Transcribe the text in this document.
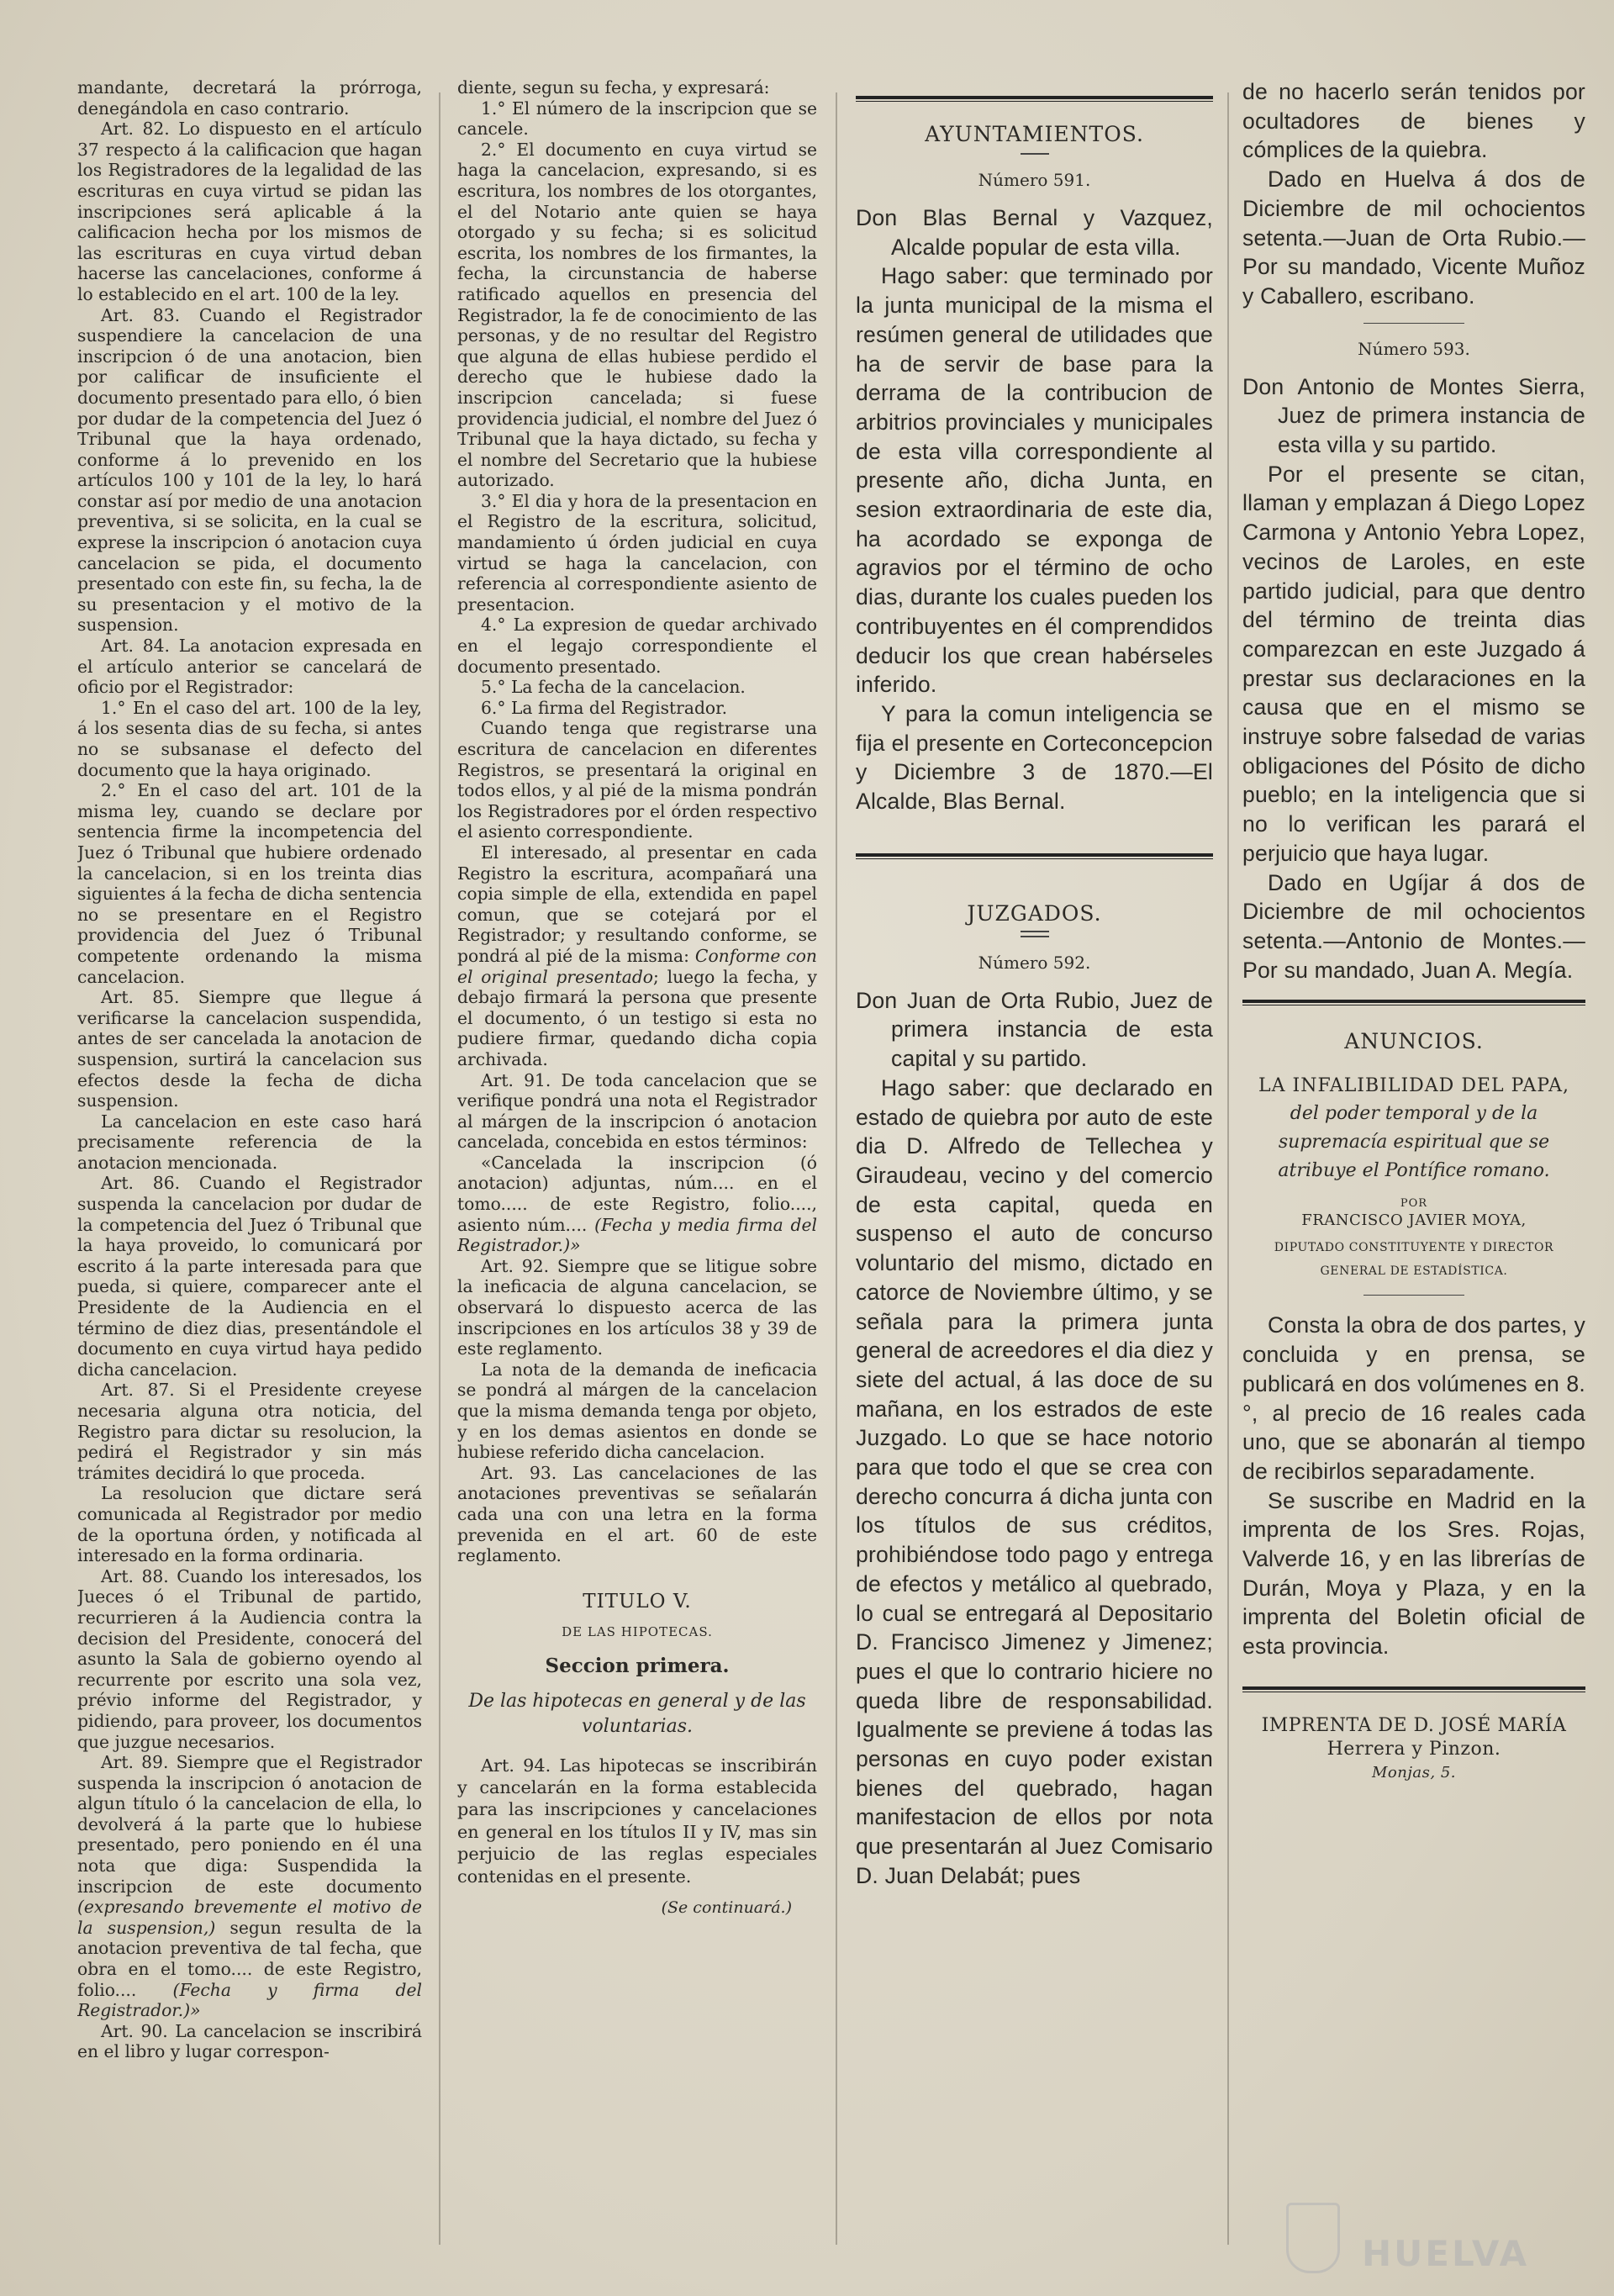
mandante, decretará la prórroga, denegándola en caso contrario.

Art. 82. Lo dispuesto en el artículo 37 respecto á la calificacion que hagan los Registradores de la legalidad de las escrituras en cuya virtud se pidan las inscripciones será aplicable á la calificacion hecha por los mismos de las escrituras en cuya virtud deban hacerse las cancelaciones, conforme á lo establecido en el art. 100 de la ley.

Art. 83. Cuando el Registrador suspendiere la cancelacion de una inscripcion ó de una anotacion, bien por calificar de insuficiente el documento presentado para ello, ó bien por dudar de la competencia del Juez ó Tribunal que la haya ordenado, conforme á lo prevenido en los artículos 100 y 101 de la ley, lo hará constar así por medio de una anotacion preventiva, si se solicita, en la cual se exprese la inscripcion ó anotacion cuya cancelacion se pida, el documento presentado con este fin, su fecha, la de su presentacion y el motivo de la suspension.

Art. 84. La anotacion expresada en el artículo anterior se cancelará de oficio por el Registrador:

1.° En el caso del art. 100 de la ley, á los sesenta dias de su fecha, si antes no se subsanase el defecto del documento que la haya originado.

2.° En el caso del art. 101 de la misma ley, cuando se declare por sentencia firme la incompetencia del Juez ó Tribunal que hubiere ordenado la cancelacion, si en los treinta dias siguientes á la fecha de dicha sentencia no se presentare en el Registro providencia del Juez ó Tribunal competente ordenando la misma cancelacion.

Art. 85. Siempre que llegue á verificarse la cancelacion suspendida, antes de ser cancelada la anotacion de suspension, surtirá la cancelacion sus efectos desde la fecha de dicha suspension.

La cancelacion en este caso hará precisamente referencia de la anotacion mencionada.

Art. 86. Cuando el Registrador suspenda la cancelacion por dudar de la competencia del Juez ó Tribunal que la haya proveido, lo comunicará por escrito á la parte interesada para que pueda, si quiere, comparecer ante el Presidente de la Audiencia en el término de diez dias, presentándole el documento en cuya virtud haya pedido dicha cancelacion.

Art. 87. Si el Presidente creyese necesaria alguna otra noticia, del Registro para dictar su resolucion, la pedirá el Registrador y sin más trámites decidirá lo que proceda.

La resolucion que dictare será comunicada al Registrador por medio de la oportuna órden, y notificada al interesado en la forma ordinaria.

Art. 88. Cuando los interesados, los Jueces ó el Tribunal de partido, recurrieren á la Audiencia contra la decision del Presidente, conocerá del asunto la Sala de gobierno oyendo al recurrente por escrito una sola vez, prévio informe del Registrador, y pidiendo, para proveer, los documentos que juzgue necesarios.

Art. 89. Siempre que el Registrador suspenda la inscripcion ó anotacion de algun título ó la cancelacion de ella, lo devolverá á la parte que lo hubiese presentado, pero poniendo en él una nota que diga: Suspendida la inscripcion de este documento (expresando brevemente el motivo de la suspension,) segun resulta de la anotacion preventiva de tal fecha, que obra en el tomo.... de este Registro, folio.... (Fecha y firma del Registrador.)»

Art. 90. La cancelacion se inscribirá en el libro y lugar correspon-

diente, segun su fecha, y expresará:

1.° El número de la inscripcion que se cancele.

2.° El documento en cuya virtud se haga la cancelacion, expresando, si es escritura, los nombres de los otorgantes, el del Notario ante quien se haya otorgado y su fecha; si es solicitud escrita, los nombres de los firmantes, la fecha, la circunstancia de haberse ratificado aquellos en presencia del Registrador, la fe de conocimiento de las personas, y de no resultar del Registro que alguna de ellas hubiese perdido el derecho que le hubiese dado la inscripcion cancelada; si fuese providencia judicial, el nombre del Juez ó Tribunal que la haya dictado, su fecha y el nombre del Secretario que la hubiese autorizado.

3.° El dia y hora de la presentacion en el Registro de la escritura, solicitud, mandamiento ú órden judicial en cuya virtud se haga la cancelacion, con referencia al correspondiente asiento de presentacion.

4.° La expresion de quedar archivado en el legajo correspondiente el documento presentado.

5.° La fecha de la cancelacion.

6.° La firma del Registrador.

Cuando tenga que registrarse una escritura de cancelacion en diferentes Registros, se presentará la original en todos ellos, y al pié de la misma pondrán los Registradores por el órden respectivo el asiento correspondiente.

El interesado, al presentar en cada Registro la escritura, acompañará una copia simple de ella, extendida en papel comun, que se cotejará por el Registrador; y resultando conforme, se pondrá al pié de la misma: Conforme con el original presentado; luego la fecha, y debajo firmará la persona que presente el documento, ó un testigo si esta no pudiere firmar, quedando dicha copia archivada.

Art. 91. De toda cancelacion que se verifique pondrá una nota el Registrador al márgen de la inscripcion ó anotacion cancelada, concebida en estos términos:

«Cancelada la inscripcion (ó anotacion) adjuntas, núm.... en el tomo..... de este Registro, folio...., asiento núm.... (Fecha y media firma del Registrador.)»

Art. 92. Siempre que se litigue sobre la ineficacia de alguna cancelacion, se observará lo dispuesto acerca de las inscripciones en los artículos 38 y 39 de este reglamento.

La nota de la demanda de ineficacia se pondrá al márgen de la cancelacion que la misma demanda tenga por objeto, y en los demas asientos en donde se hubiese referido dicha cancelacion.

Art. 93. Las cancelaciones de las anotaciones preventivas se señalarán cada una con una letra en la forma prevenida en el art. 60 de este reglamento.

TITULO V.
DE LAS HIPOTECAS.
Seccion primera.
De las hipotecas en general y de las voluntarias.

Art. 94. Las hipotecas se inscribirán y cancelarán en la forma establecida para las inscripciones y cancelaciones en general en los títulos II y IV, mas sin perjuicio de las reglas especiales contenidas en el presente.

(Se continuará.)
AYUNTAMIENTOS.
Número 591.

Don Blas Bernal y Vazquez, Alcalde popular de esta villa.

Hago saber: que terminado por la junta municipal de la misma el resúmen general de utilidades que ha de servir de base para la derrama de la contribucion de arbitrios provinciales y municipales de esta villa correspondiente al presente año, dicha Junta, en sesion extraordinaria de este dia, ha acordado se exponga de agravios por el término de ocho dias, durante los cuales pueden los contribuyentes en él comprendidos deducir los que crean habérseles inferido.

Y para la comun inteligencia se fija el presente en Corteconcepcion y Diciembre 3 de 1870.—El Alcalde, Blas Bernal.

JUZGADOS.
Número 592.

Don Juan de Orta Rubio, Juez de primera instancia de esta capital y su partido.

Hago saber: que declarado en estado de quiebra por auto de este dia D. Alfredo de Tellechea y Giraudeau, vecino y del comercio de esta capital, queda en suspenso el auto de concurso voluntario del mismo, dictado en catorce de Noviembre último, y se señala para la primera junta general de acreedores el dia diez y siete del actual, á las doce de su mañana, en los estrados de este Juzgado. Lo que se hace notorio para que todo el que se crea con derecho concurra á dicha junta con los títulos de sus créditos, prohibiéndose todo pago y entrega de efectos y metálico al quebrado, lo cual se entregará al Depositario D. Francisco Jimenez y Jimenez; pues el que lo contrario hiciere no queda libre de responsabilidad. Igualmente se previene á todas las personas en cuyo poder existan bienes del quebrado, hagan manifestacion de ellos por nota que presentarán al Juez Comisario D. Juan Delabát; pues

de no hacerlo serán tenidos por ocultadores de bienes y cómplices de la quiebra.

Dado en Huelva á dos de Diciembre de mil ochocientos setenta.—Juan de Orta Rubio.—Por su mandado, Vicente Muñoz y Caballero, escribano.

Número 593.

Don Antonio de Montes Sierra, Juez de primera instancia de esta villa y su partido.

Por el presente se citan, llaman y emplazan á Diego Lopez Carmona y Antonio Yebra Lopez, vecinos de Laroles, en este partido judicial, para que dentro del término de treinta dias comparezcan en este Juzgado á prestar sus declaraciones en la causa que en el mismo se instruye sobre falsedad de varias obligaciones del Pósito de dicho pueblo; en la inteligencia que si no lo verifican les parará el perjuicio que haya lugar.

Dado en Ugíjar á dos de Diciembre de mil ochocientos setenta.—Antonio de Montes.—Por su mandado, Juan A. Megía.

ANUNCIOS.
LA INFALIBILIDAD DEL PAPA,
del poder temporal y de la supremacía espiritual que se atribuye el Pontífice romano.
POR
FRANCISCO JAVIER MOYA,
DIPUTADO CONSTITUYENTE Y DIRECTOR GENERAL DE ESTADÍSTICA.

Consta la obra de dos partes, y concluida y en prensa, se publicará en dos volúmenes en 8.°, al precio de 16 reales cada uno, que se abonarán al tiempo de recibirlos separadamente.

Se suscribe en Madrid en la imprenta de los Sres. Rojas, Valverde 16, y en las librerías de Durán, Moya y Plaza, y en la imprenta del Boletin oficial de esta provincia.

IMPRENTA DE D. JOSÉ MARÍA Herrera y Pinzon.
Monjas, 5.
HUELVA
